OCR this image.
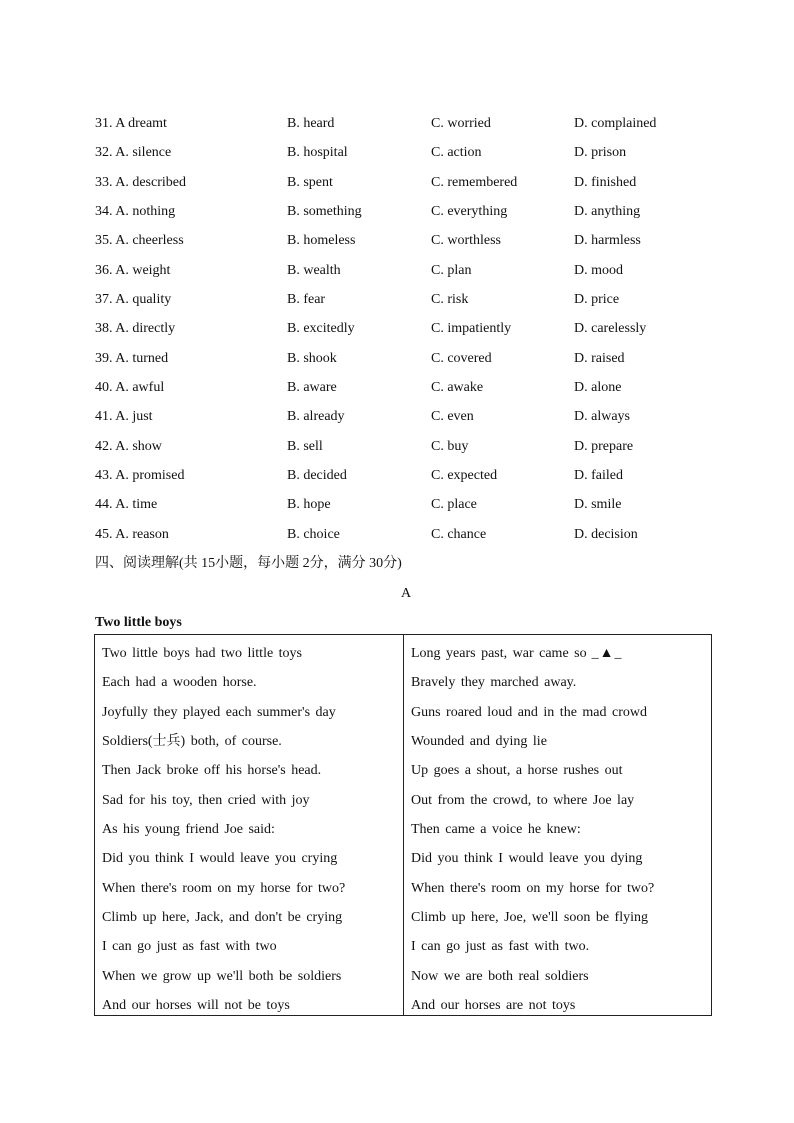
31. A dreamt	B. heard	C. worried	D. complained
32. A. silence	B. hospital	C. action	D. prison
33. A. described	B. spent	C. remembered	D. finished
34. A. nothing	B. something	C. everything	D. anything
35. A. cheerless	B. homeless	C. worthless	D. harmless
36. A. weight	B. wealth	C. plan	D. mood
37. A. quality	B. fear	C. risk	D. price
38. A. directly	B. excitedly	C. impatiently	D. carelessly
39. A. turned	B. shook	C. covered	D. raised
40. A. awful	B. aware	C. awake	D. alone
41. A. just	B. already	C. even	D. always
42. A. show	B. sell	C. buy	D. prepare
43. A. promised	B. decided	C. expected	D. failed
44. A. time	B. hope	C. place	D. smile
45. A. reason	B. choice	C. chance	D. decision
四、阅读理解(共 15小题，每小题 2分，满分 30分)
A
Two little boys
Two little boys had two little toys
Each had a wooden horse.
Joyfully they played each summer's day
Soldiers(士兵) both, of course.
Then Jack broke off his horse's head.
Sad for his toy, then cried with joy
As his young friend Joe said:
Did you think I would leave you crying
When there's room on my horse for two?
Climb up here, Jack, and don't be crying
I can go just as fast with two
When we grow up we'll both be soldiers
And our horses will not be toys
Long years past, war came so _▲_
Bravely they marched away.
Guns roared loud and in the mad crowd
Wounded and dying lie
Up goes a shout, a horse rushes out
Out from the crowd, to where Joe lay
Then came a voice he knew:
Did you think I would leave you dying
When there's room on my horse for two?
Climb up here, Joe, we'll soon be flying
I can go just as fast with two.
Now we are both real soldiers
And our horses are not toys
